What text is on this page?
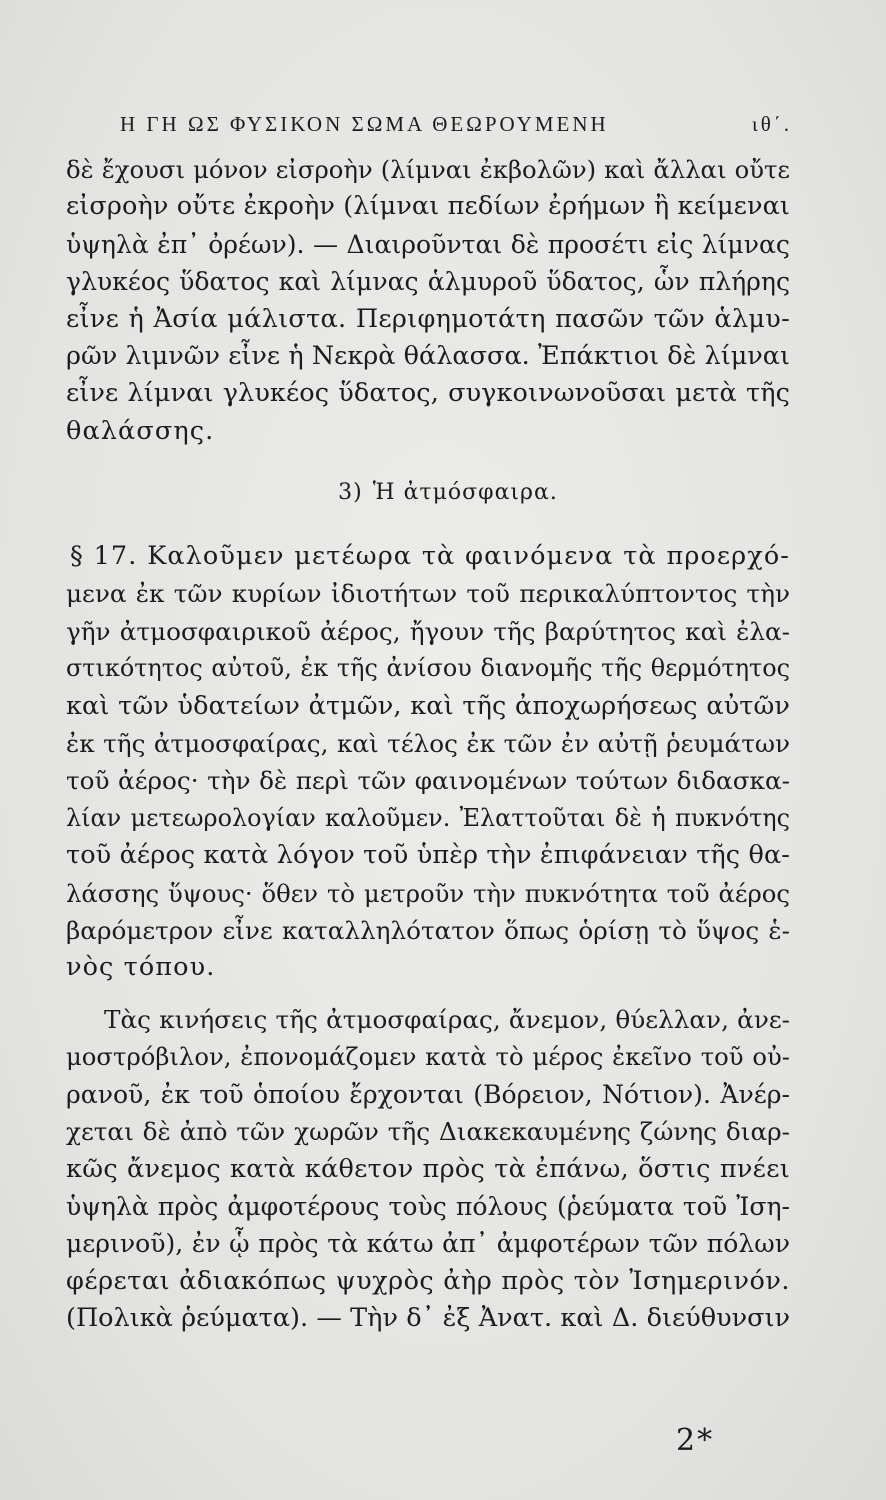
Η ΓΗ ΩΣ ΦΥΣΙΚΟΝ ΣΩΜΑ ΘΕΩΡΟΥΜΕΝΗ	ιθ΄.
δὲ ἔχουσι μόνον εἰσροὴν (λίμναι ἐκβολῶν) καὶ ἄλλαι οὔτε
εἰσροὴν οὔτε ἐκροὴν (λίμναι πεδίων ἐρήμων ἢ κείμεναι
ὑψηλὰ ἐπ᾽ ὀρέων). — Διαιροῦνται δὲ προσέτι εἰς λίμνας
γλυκέος ὕδατος καὶ λίμνας ἁλμυροῦ ὕδατος, ὧν πλήρης
εἶνε ἡ Ἀσία μάλιστα. Περιφημοτάτη πασῶν τῶν ἁλμυ-
ρῶν λιμνῶν εἶνε ἡ Νεκρὰ θάλασσα. Ἐπάκτιοι δὲ λίμναι
εἶνε λίμναι γλυκέος ὕδατος, συγκοινωνοῦσαι μετὰ τῆς
θαλάσσης.
3) Ἡ ἀτμόσφαιρα.
§ 17. Καλοῦμεν μετέωρα τὰ φαινόμενα τὰ προερχό-
μενα ἐκ τῶν κυρίων ἰδιοτήτων τοῦ περικαλύπτοντος τὴν
γῆν ἀτμοσφαιρικοῦ ἀέρος, ἤγουν τῆς βαρύτητος καὶ ἐλα-
στικότητος αὐτοῦ, ἐκ τῆς ἀνίσου διανομῆς τῆς θερμότητος
καὶ τῶν ὑδατείων ἀτμῶν, καὶ τῆς ἀποχωρήσεως αὐτῶν
ἐκ τῆς ἀτμοσφαίρας, καὶ τέλος ἐκ τῶν ἐν αὐτῇ ῥευμάτων
τοῦ ἀέρος· τὴν δὲ περὶ τῶν φαινομένων τούτων διδασκα-
λίαν μετεωρολογίαν καλοῦμεν. Ἐλαττοῦται δὲ ἡ πυκνότης
τοῦ ἀέρος κατὰ λόγον τοῦ ὑπὲρ τὴν ἐπιφάνειαν τῆς θα-
λάσσης ὕψους· ὅθεν τὸ μετροῦν τὴν πυκνότητα τοῦ ἀέρος
βαρόμετρον εἶνε καταλληλότατον ὅπως ὁρίσῃ τὸ ὕψος ἑ-
νὸς τόπου.
Τὰς κινήσεις τῆς ἀτμοσφαίρας, ἄνεμον, θύελλαν, ἀνε-
μοστρόβιλον, ἐπονομάζομεν κατὰ τὸ μέρος ἐκεῖνο τοῦ οὐ-
ρανοῦ, ἐκ τοῦ ὁποίου ἔρχονται (Βόρειον, Νότιον). Ἀνέρ-
χεται δὲ ἀπὸ τῶν χωρῶν τῆς Διακεκαυμένης ζώνης διαρ-
κῶς ἄνεμος κατὰ κάθετον πρὸς τὰ ἐπάνω, ὅστις πνέει
ὑψηλὰ πρὸς ἀμφοτέρους τοὺς πόλους (ῥεύματα τοῦ Ἰση-
μερινοῦ), ἐν ᾧ πρὸς τὰ κάτω ἀπ᾽ ἀμφοτέρων τῶν πόλων
φέρεται ἀδιακόπως ψυχρὸς ἀὴρ πρὸς τὸν Ἰσημερινόν.
(Πολικὰ ῥεύματα). — Τὴν δ᾽ ἐξ Ἀνατ. καὶ Δ. διεύθυνσιν
2*
